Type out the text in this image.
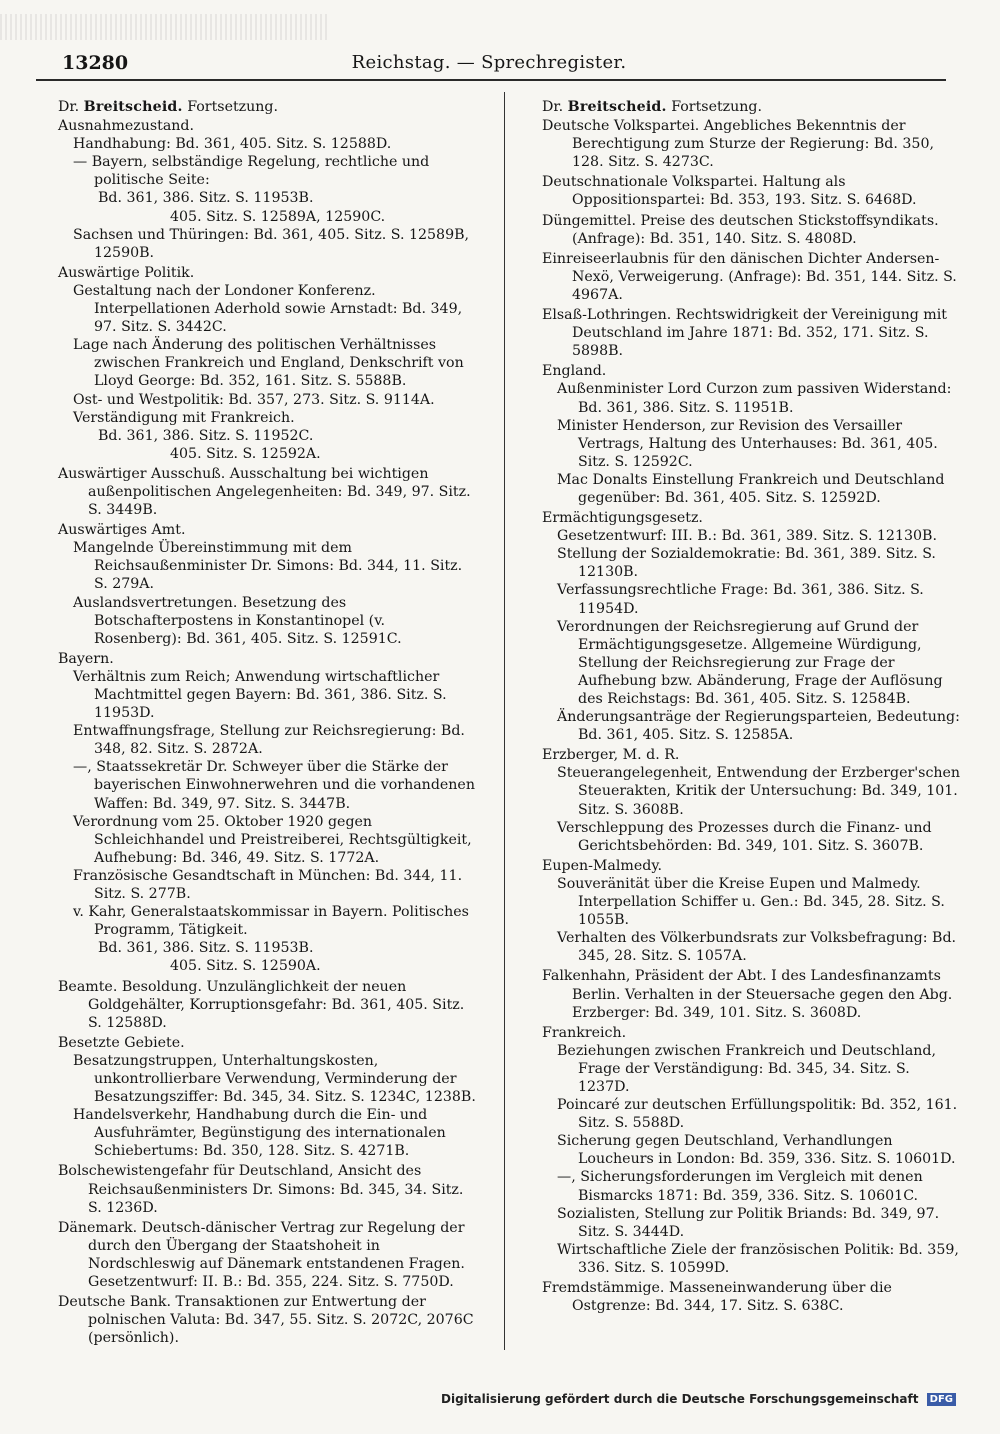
13280	Reichstag. — Sprechregister.
Dr. Breitscheid. Fortsetzung.
Ausnahmezustand.
Handhabung: Bd. 361, 405. Sitz. S. 12588D.
— Bayern, selbständige Regelung, rechtliche und politische Seite:
Bd. 361, 386. Sitz. S. 11953B.
405. Sitz. S. 12589A, 12590C.
Sachsen und Thüringen: Bd. 361, 405. Sitz. S. 12589B, 12590B.
Auswärtige Politik.
Gestaltung nach der Londoner Konferenz. Interpellationen Aderhold sowie Arnstadt: Bd. 349, 97. Sitz. S. 3442C.
Lage nach Änderung des politischen Verhältnisses zwischen Frankreich und England, Denkschrift von Lloyd George: Bd. 352, 161. Sitz. S. 5588B.
Ost- und Westpolitik: Bd. 357, 273. Sitz. S. 9114A.
Verständigung mit Frankreich.
Bd. 361, 386. Sitz. S. 11952C.
405. Sitz. S. 12592A.
Auswärtiger Ausschuß. Ausschaltung bei wichtigen außenpolitischen Angelegenheiten: Bd. 349, 97. Sitz. S. 3449B.
Auswärtiges Amt.
Mangelnde Übereinstimmung mit dem Reichsaußenminister Dr. Simons: Bd. 344, 11. Sitz. S. 279A.
Auslandsvertretungen. Besetzung des Botschafterpostens in Konstantinopel (v. Rosenberg): Bd. 361, 405. Sitz. S. 12591C.
Bayern.
Verhältnis zum Reich; Anwendung wirtschaftlicher Machtmittel gegen Bayern: Bd. 361, 386. Sitz. S. 11953D.
Entwaffnungsfrage, Stellung zur Reichsregierung: Bd. 348, 82. Sitz. S. 2872A.
—, Staatssekretär Dr. Schweyer über die Stärke der bayerischen Einwohnerwehren und die vorhandenen Waffen: Bd. 349, 97. Sitz. S. 3447B.
Verordnung vom 25. Oktober 1920 gegen Schleichhandel und Preistreiberei, Rechtsgültigkeit, Aufhebung: Bd. 346, 49. Sitz. S. 1772A.
Französische Gesandtschaft in München: Bd. 344, 11. Sitz. S. 277B.
v. Kahr, Generalstaatskommissar in Bayern. Politisches Programm, Tätigkeit.
Bd. 361, 386. Sitz. S. 11953B.
405. Sitz. S. 12590A.
Beamte. Besoldung. Unzulänglichkeit der neuen Goldgehälter, Korruptionsgefahr: Bd. 361, 405. Sitz. S. 12588D.
Besetzte Gebiete.
Besatzungstruppen, Unterhaltungskosten, unkontrollierbare Verwendung, Verminderung der Besatzungsziffer: Bd. 345, 34. Sitz. S. 1234C, 1238B.
Handelsverkehr, Handhabung durch die Ein- und Ausfuhrämter, Begünstigung des internationalen Schiebertums: Bd. 350, 128. Sitz. S. 4271B.
Bolschewistengefahr für Deutschland, Ansicht des Reichsaußenministers Dr. Simons: Bd. 345, 34. Sitz. S. 1236D.
Dänemark. Deutsch-dänischer Vertrag zur Regelung der durch den Übergang der Staatshoheit in Nordschleswig auf Dänemark entstandenen Fragen. Gesetzentwurf: II. B.: Bd. 355, 224. Sitz. S. 7750D.
Deutsche Bank. Transaktionen zur Entwertung der polnischen Valuta: Bd. 347, 55. Sitz. S. 2072C, 2076C (persönlich).
Dr. Breitscheid. Fortsetzung.
Deutsche Volkspartei. Angebliches Bekenntnis der Berechtigung zum Sturze der Regierung: Bd. 350, 128. Sitz. S. 4273C.
Deutschnationale Volkspartei. Haltung als Oppositionspartei: Bd. 353, 193. Sitz. S. 6468D.
Düngemittel. Preise des deutschen Stickstoffsyndikats. (Anfrage): Bd. 351, 140. Sitz. S. 4808D.
Einreiseerlaubnis für den dänischen Dichter Andersen-Nexö, Verweigerung. (Anfrage): Bd. 351, 144. Sitz. S. 4967A.
Elsaß-Lothringen. Rechtswidrigkeit der Vereinigung mit Deutschland im Jahre 1871: Bd. 352, 171. Sitz. S. 5898B.
England.
Außenminister Lord Curzon zum passiven Widerstand: Bd. 361, 386. Sitz. S. 11951B.
Minister Henderson, zur Revision des Versailler Vertrags, Haltung des Unterhauses: Bd. 361, 405. Sitz. S. 12592C.
Mac Donalts Einstellung Frankreich und Deutschland gegenüber: Bd. 361, 405. Sitz. S. 12592D.
Ermächtigungsgesetz.
Gesetzentwurf: III. B.: Bd. 361, 389. Sitz. S. 12130B.
Stellung der Sozialdemokratie: Bd. 361, 389. Sitz. S. 12130B.
Verfassungsrechtliche Frage: Bd. 361, 386. Sitz. S. 11954D.
Verordnungen der Reichsregierung auf Grund der Ermächtigungsgesetze. Allgemeine Würdigung, Stellung der Reichsregierung zur Frage der Aufhebung bzw. Abänderung, Frage der Auflösung des Reichstags: Bd. 361, 405. Sitz. S. 12584B.
Änderungsanträge der Regierungsparteien, Bedeutung: Bd. 361, 405. Sitz. S. 12585A.
Erzberger, M. d. R.
Steuerangelegenheit, Entwendung der Erzberger'schen Steuerakten, Kritik der Untersuchung: Bd. 349, 101. Sitz. S. 3608B.
Verschleppung des Prozesses durch die Finanz- und Gerichtsbehörden: Bd. 349, 101. Sitz. S. 3607B.
Eupen-Malmedy.
Souveränität über die Kreise Eupen und Malmedy. Interpellation Schiffer u. Gen.: Bd. 345, 28. Sitz. S. 1055B.
Verhalten des Völkerbundsrats zur Volksbefragung: Bd. 345, 28. Sitz. S. 1057A.
Falkenhahn, Präsident der Abt. I des Landesfinanzamts Berlin. Verhalten in der Steuersache gegen den Abg. Erzberger: Bd. 349, 101. Sitz. S. 3608D.
Frankreich.
Beziehungen zwischen Frankreich und Deutschland, Frage der Verständigung: Bd. 345, 34. Sitz. S. 1237D.
Poincaré zur deutschen Erfüllungspolitik: Bd. 352, 161. Sitz. S. 5588D.
Sicherung gegen Deutschland, Verhandlungen Loucheurs in London: Bd. 359, 336. Sitz. S. 10601D.
—, Sicherungsforderungen im Vergleich mit denen Bismarcks 1871: Bd. 359, 336. Sitz. S. 10601C.
Sozialisten, Stellung zur Politik Briands: Bd. 349, 97. Sitz. S. 3444D.
Wirtschaftliche Ziele der französischen Politik: Bd. 359, 336. Sitz. S. 10599D.
Fremdstämmige. Masseneinwanderung über die Ostgrenze: Bd. 344, 17. Sitz. S. 638C.
Digitalisierung gefördert durch die Deutsche Forschungsgemeinschaft DFG
